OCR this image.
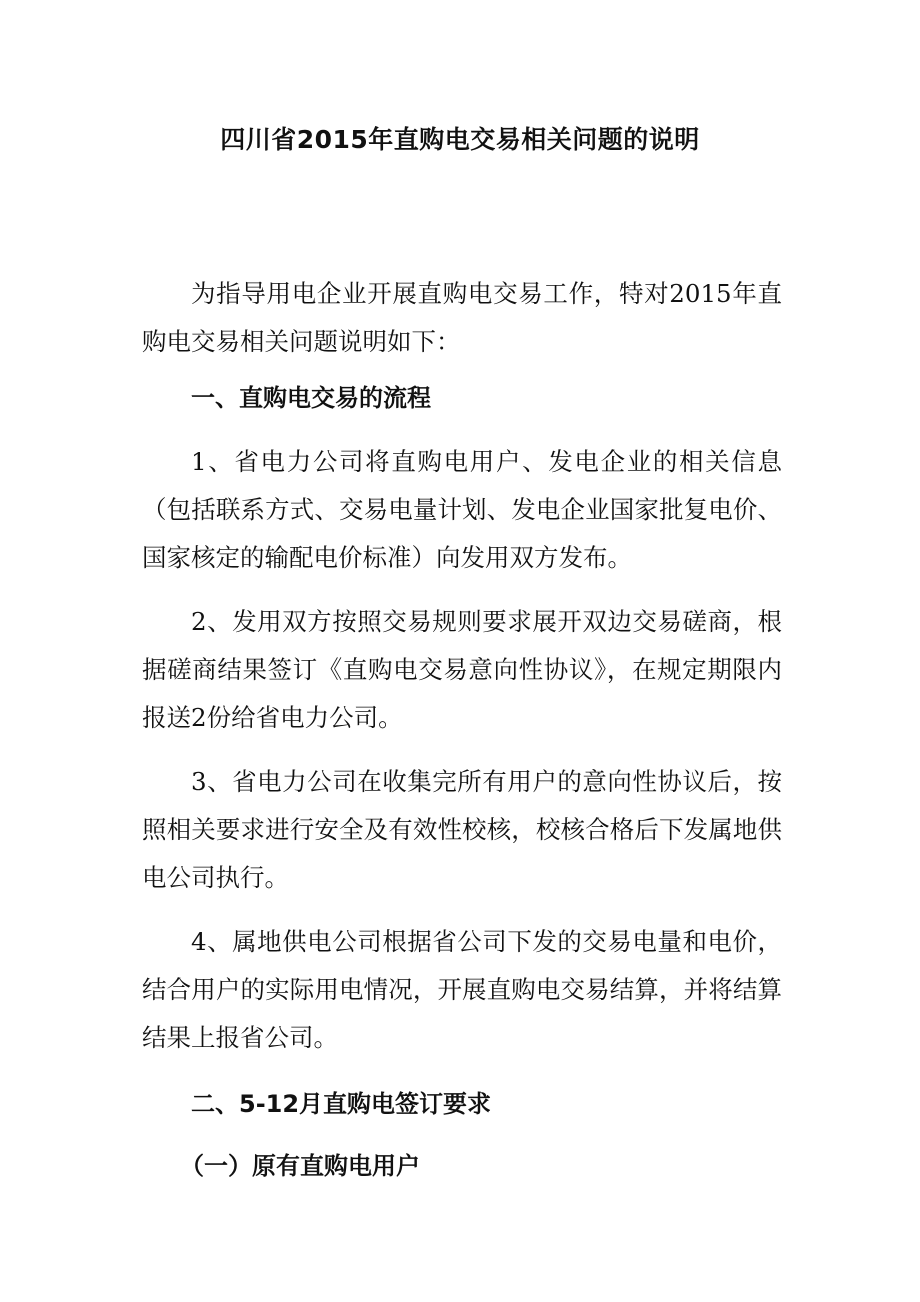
四川省2015年直购电交易相关问题的说明

为指导用电企业开展直购电交易工作，特对2015年直购电交易相关问题说明如下：

一、直购电交易的流程

1、省电力公司将直购电用户、发电企业的相关信息（包括联系方式、交易电量计划、发电企业国家批复电价、国家核定的输配电价标准）向发用双方发布。

2、发用双方按照交易规则要求展开双边交易磋商，根据磋商结果签订《直购电交易意向性协议》，在规定期限内报送2份给省电力公司。

3、省电力公司在收集完所有用户的意向性协议后，按照相关要求进行安全及有效性校核，校核合格后下发属地供电公司执行。

4、属地供电公司根据省公司下发的交易电量和电价，结合用户的实际用电情况，开展直购电交易结算，并将结算结果上报省公司。

二、5-12月直购电签订要求

（一）原有直购电用户
